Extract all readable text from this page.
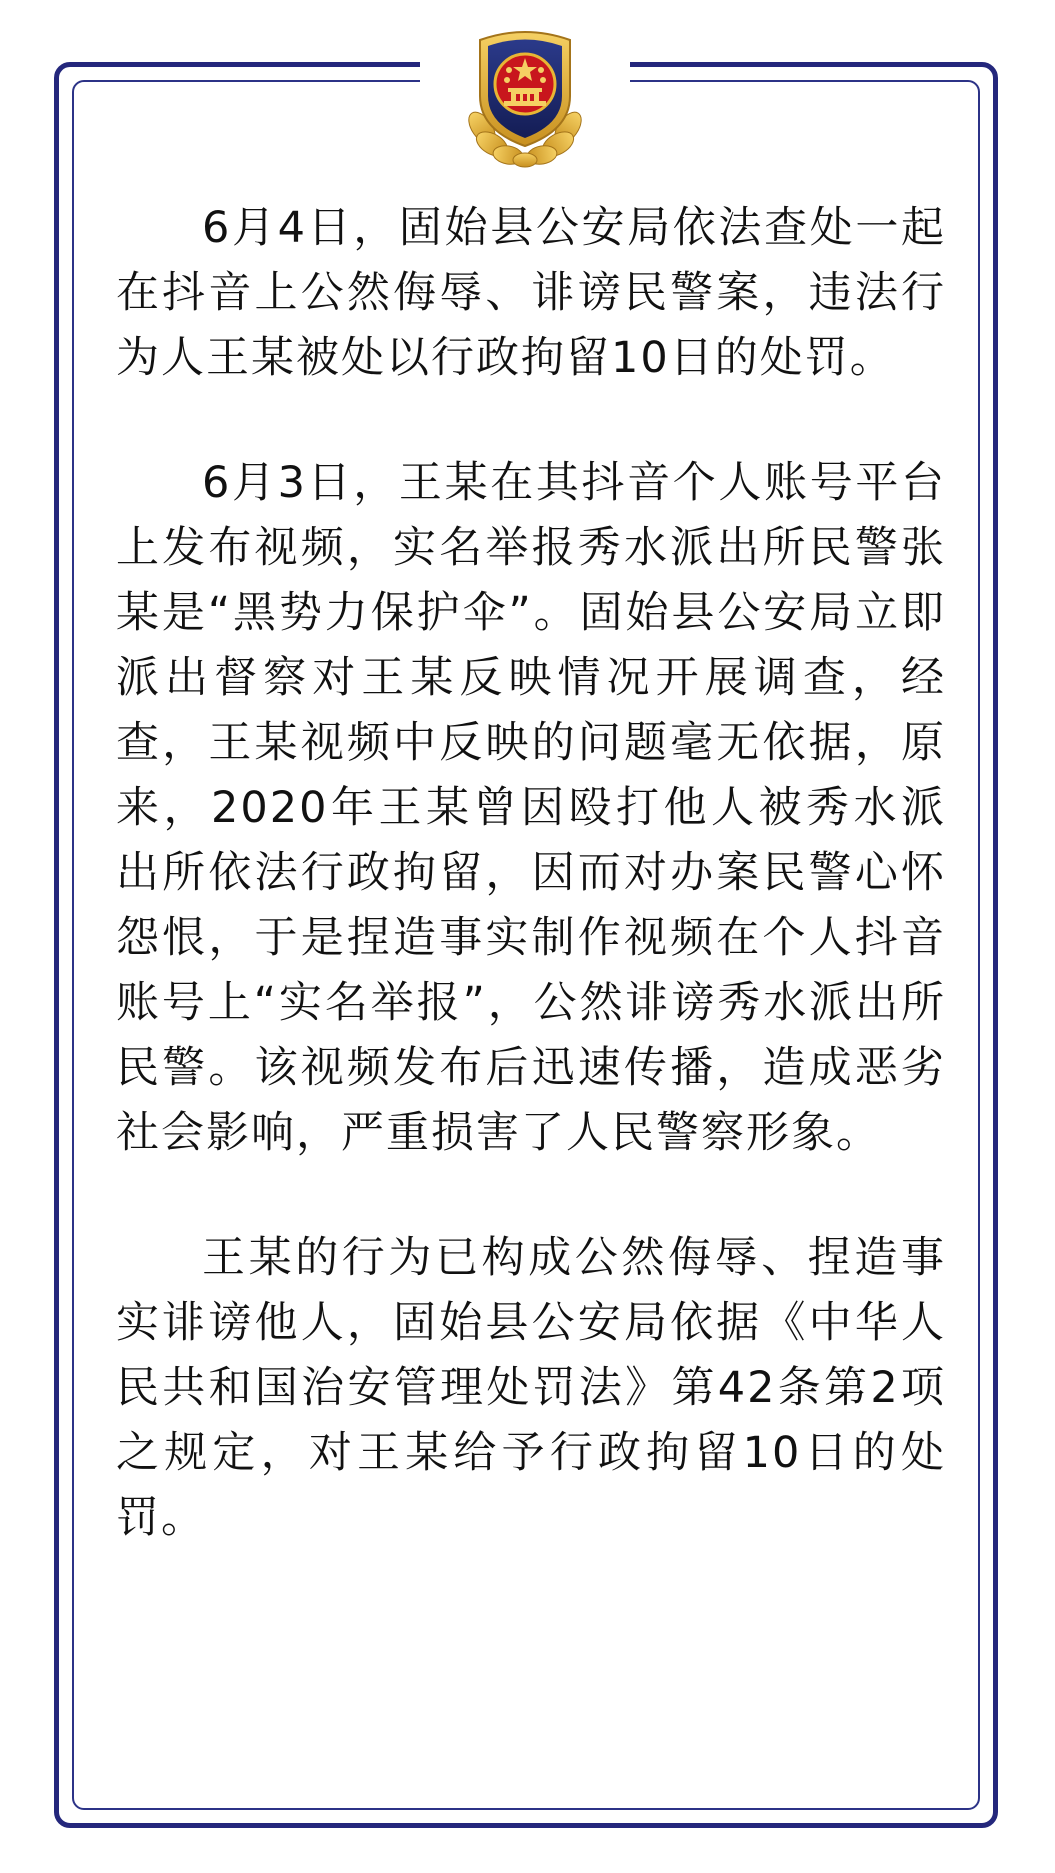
6月4日，固始县公安局依法查处一起在抖音上公然侮辱、诽谤民警案，违法行为人王某被处以行政拘留10日的处罚。

6月3日，王某在其抖音个人账号平台上发布视频，实名举报秀水派出所民警张某是“黑势力保护伞”。固始县公安局立即派出督察对王某反映情况开展调查，经查，王某视频中反映的问题毫无依据，原来，2020年王某曾因殴打他人被秀水派出所依法行政拘留，因而对办案民警心怀怨恨，于是捏造事实制作视频在个人抖音账号上“实名举报”，公然诽谤秀水派出所民警。该视频发布后迅速传播，造成恶劣社会影响，严重损害了人民警察形象。

王某的行为已构成公然侮辱、捏造事实诽谤他人，固始县公安局依据《中华人民共和国治安管理处罚法》第42条第2项之规定，对王某给予行政拘留10日的处罚。
